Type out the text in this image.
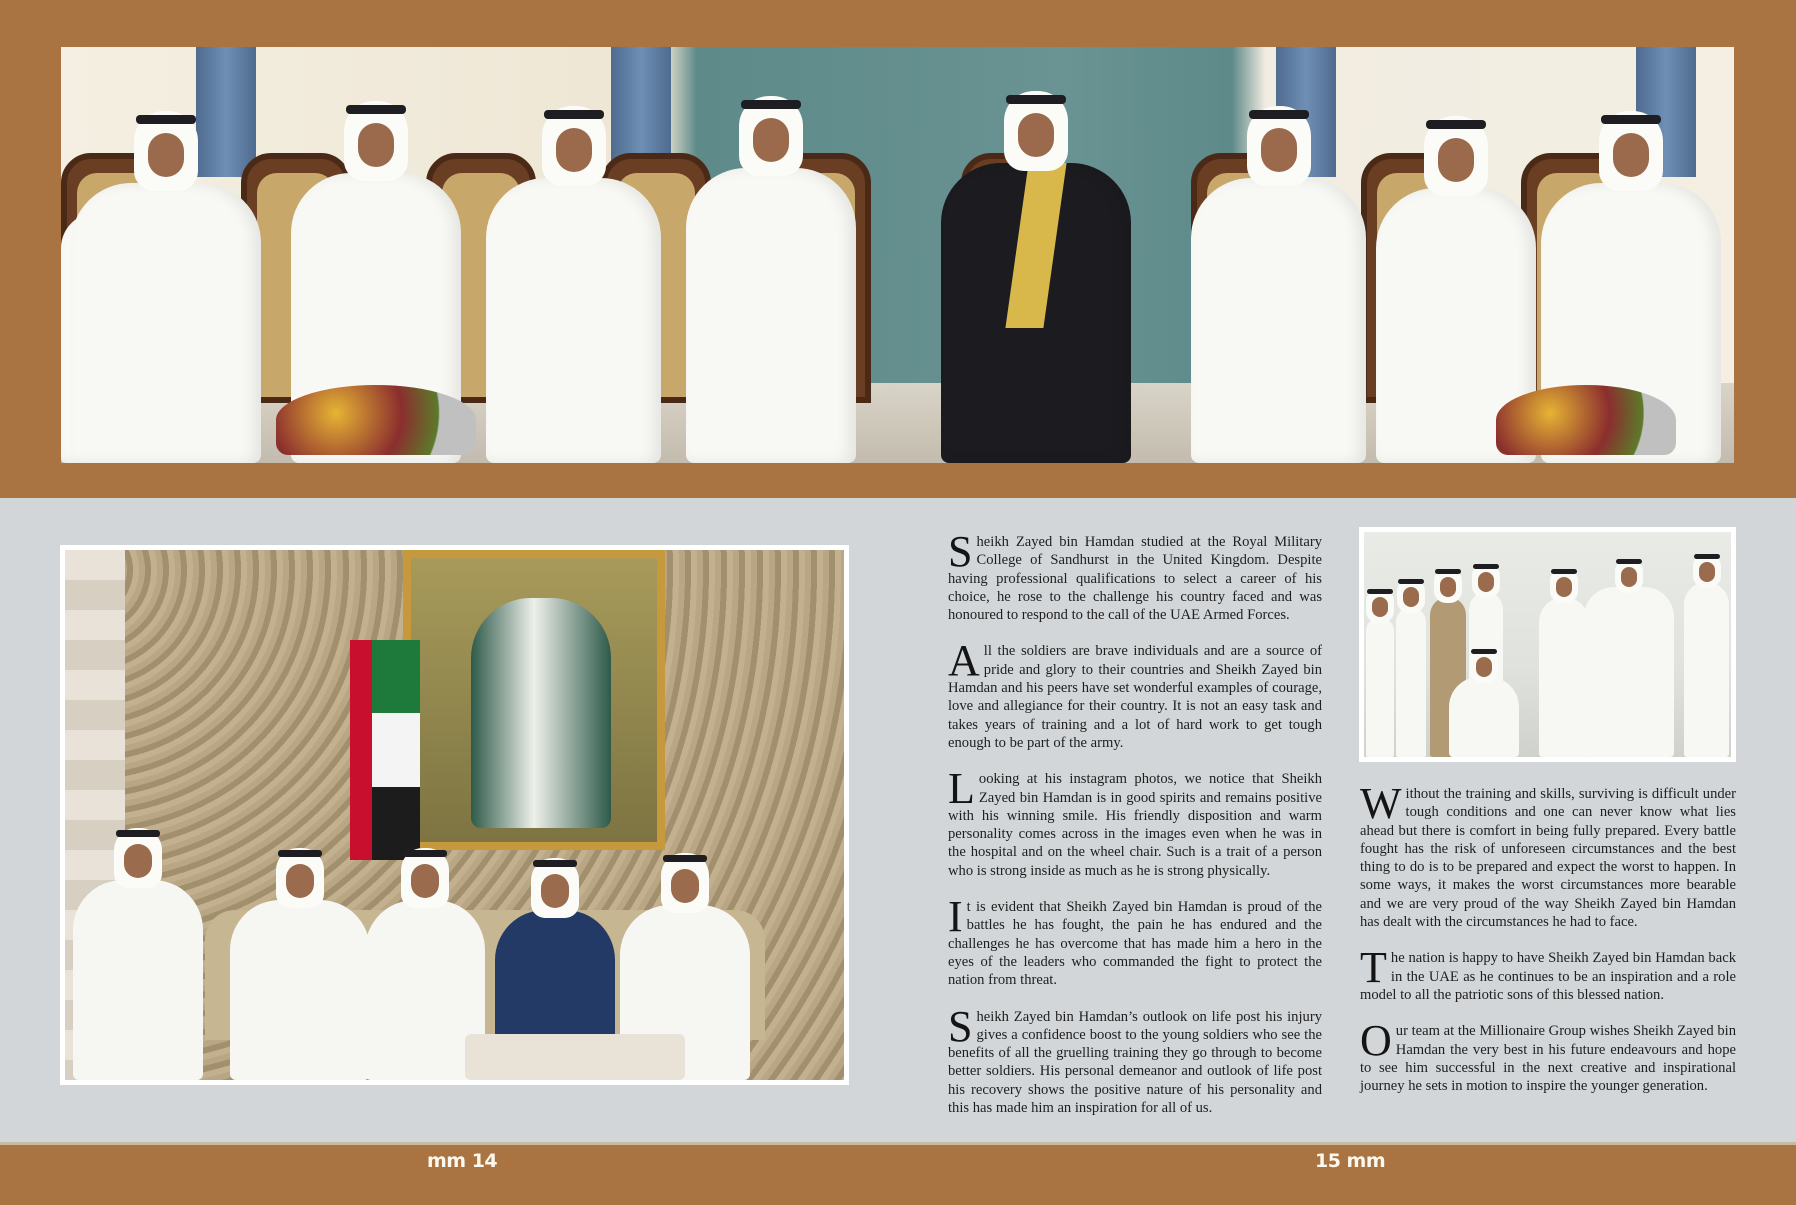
Sheikh Zayed bin Hamdan studied at the Royal Military College of Sandhurst in the United Kingdom. Despite having professional qualifications to select a career of his choice, he rose to the challenge his country faced and was honoured to respond to the call of the UAE Armed Forces.

All the soldiers are brave individuals and are a source of pride and glory to their countries and Sheikh Zayed bin Hamdan and his peers have set wonderful examples of courage, love and allegiance for their country. It is not an easy task and takes years of training and a lot of hard work to get tough enough to be part of the army.

Looking at his instagram photos, we notice that Sheikh Zayed bin Hamdan is in good spirits and remains positive with his winning smile. His friendly disposition and warm personality comes across in the images even when he was in the hospital and on the wheel chair. Such is a trait of a person who is strong inside as much as he is strong physically.

It is evident that Sheikh Zayed bin Hamdan is proud of the battles he has fought, the pain he has endured and the challenges he has overcome that has made him a hero in the eyes of the leaders who commanded the fight to protect the nation from threat.

Sheikh Zayed bin Hamdan’s outlook on life post his injury gives a confidence boost to the young soldiers who see the benefits of all the gruelling training they go through to become better soldiers. His personal demeanor and outlook of life post his recovery shows the positive nature of his personality and this has made him an inspiration for all of us.

Without the training and skills, surviving is difficult under tough conditions and one can never know what lies ahead but there is comfort in being fully prepared. Every battle fought has the risk of unforeseen circumstances and the best thing to do is to be prepared and expect the worst to happen. In some ways, it makes the worst circumstances more bearable and we are very proud of the way Sheikh Zayed bin Hamdan has dealt with the circumstances he had to face.

The nation is happy to have Sheikh Zayed bin Hamdan back in the UAE as he continues to be an inspiration and a role model to all the patriotic sons of this blessed nation.

Our team at the Millionaire Group wishes Sheikh Zayed bin Hamdan the very best in his future endeavours and hope to see him successful in the next creative and inspirational journey he sets in motion to inspire the younger generation.

mm 14	15 mm
